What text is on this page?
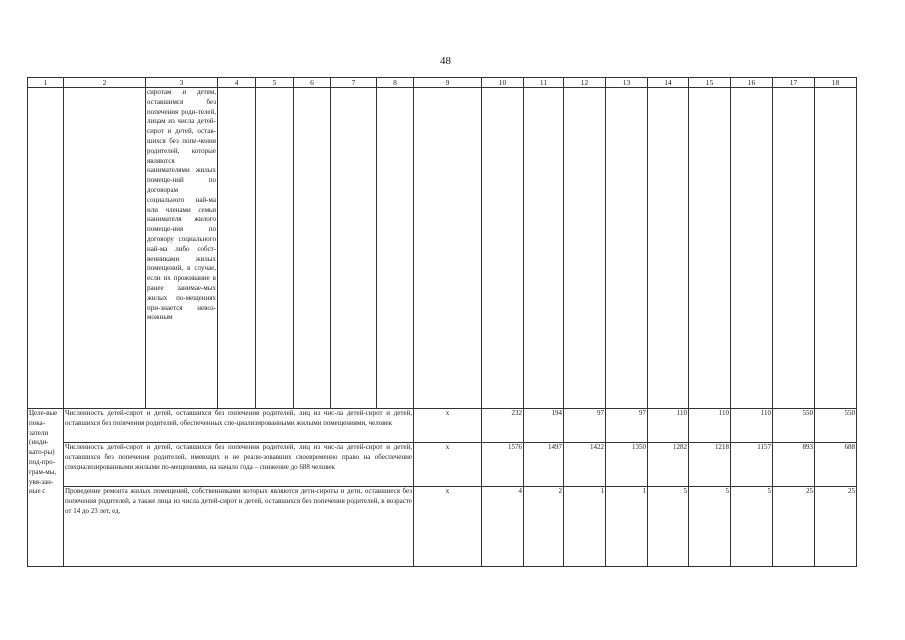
48
1	2	3	4	5	6	7	8	9	10	11	12	13	14	15	16	17	18
		сиротам и детям, оставшимся без попечения роди-телей, лицам из числа детей-сирот и детей, остав-шихся без попе-чения родителей, которые являются нанимателями жилых помеще-ний по договорам социального най-ма или членами семьи нанимателя жилого помеще-ния по договору социального най-ма либо собст-венниками жилых помещений, в случае, если их проживание в ранее занимае-мых жилых по-мещениях при-знается невоз-можным															
Целе-вые пока-затели (инди-като-ры) под-про-грам-мы, увя-зан-ные с	Численность детей-сирот и детей, оставшихся без попечения родителей, лиц из чис-ла детей-сирот и детей, оставшихся без попечения родителей, обеспеченных спе-циализированными жилыми помещениями, человек							x	232	194	97	97	110	110	110	550	550
	Численность детей-сирот и детей, оставшихся без попечения родителей, лиц из чис-ла детей-сирот и детей, оставшихся без попечения родителей, имеющих и не реали-зовавших своевременно право на обеспечение специализированными жилыми по-мещениями, на начало года – снижение до 688 человек							x	1576	1497	1422	1350	1282	1218	1157	893	688
	Проведение ремонта жилых помещений, собственниками которых являются дети-сироты и дети, оставшиеся без попечения родителей, а также лица из числа детей-сирот и детей, оставшихся без попечения родителей, в возрасте от 14 до 23 лет, ед.							x	4	2	1	1	5	5	5	25	25
